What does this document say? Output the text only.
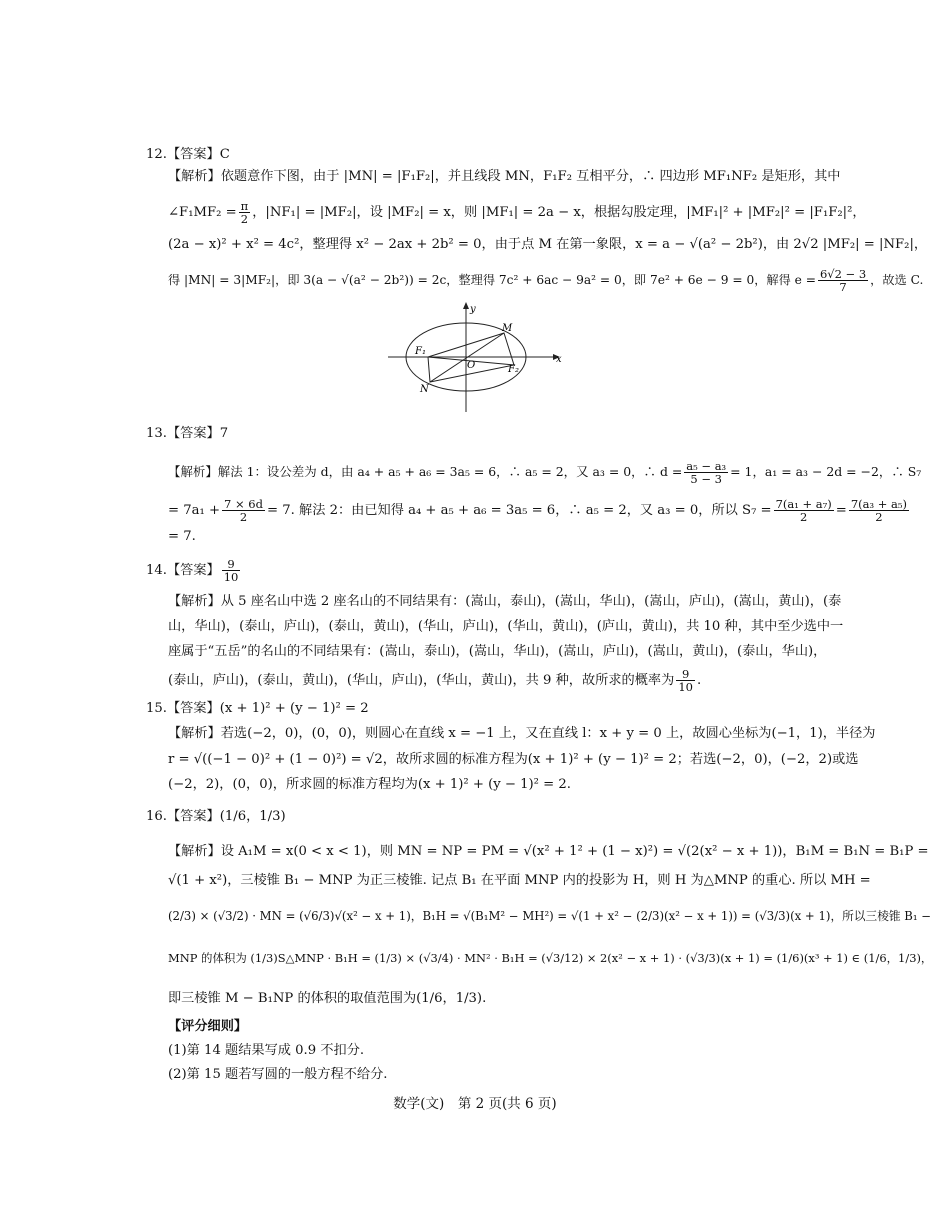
12.【答案】C
【解析】依题意作下图，由于 |MN| = |F₁F₂|，并且线段 MN，F₁F₂ 互相平分，∴ 四边形 MF₁NF₂ 是矩形，其中
∠F₁MF₂ = $\frac{\pi}{2}$ ，|NF₁| = |MF₂|，设 |MF₂| = x，则 |MF₁| = 2a − x，根据勾股定理，|MF₁|² + |MF₂|² = |F₁F₂|²，
(2a − x)² + x² = 4c²，整理得 x² − 2ax + 2b² = 0，由于点 M 在第一象限，x = a − √(a² − 2b²)，由 2√2 |MF₂| = |NF₂|，
得 |MN| = 3|MF₂|，即 3(a − √(a² − 2b²)) = 2c，整理得 7c² + 6ac − 9a² = 0，即 7e² + 6e − 9 = 0，解得 $e = \frac{6√2 - 3}{7}$ ，故选 C.
y
x
M
F₁
F₂
O
N
13.【答案】7
【解析】解法 1：设公差为 d，由 a₄ + a₅ + a₆ = 3a₅ = 6，∴ a₅ = 2，又 a₃ = 0，∴ $d = \frac{\text{a₅ − a₃}}{5 - 3} = 1$，a₁ = a₃ − 2d = −2，∴ S₇
= $7a_1 + \frac{7 \times 6d}{2} = 7$. 解法 2：由已知得 a₄ + a₅ + a₆ = 3a₅ = 6，∴ a₅ = 2，又 a₃ = 0，所以 $S_7 = \frac{\text{7(a₁ + a₇)}}{2} = \frac{\text{7(a₃ + a₅)}}{2}$
= 7.
14.【答案】 $\frac{9}{10}$
【解析】从 5 座名山中选 2 座名山的不同结果有：(嵩山，泰山)，(嵩山，华山)，(嵩山，庐山)，(嵩山，黄山)，(泰
山，华山)，(泰山，庐山)，(泰山，黄山)，(华山，庐山)，(华山，黄山)，(庐山，黄山)，共 10 种，其中至少选中一
座属于“五岳”的名山的不同结果有：(嵩山，泰山)，(嵩山，华山)，(嵩山，庐山)，(嵩山，黄山)，(泰山，华山)，
(泰山，庐山)，(泰山，黄山)，(华山，庐山)，(华山，黄山)，共 9 种，故所求的概率为 $\frac{9}{10}$ .
15.【答案】(x + 1)² + (y − 1)² = 2
【解析】若选(−2，0)，(0，0)，则圆心在直线 x = −1 上，又在直线 l：x + y = 0 上，故圆心坐标为(−1，1)，半径为
r = √((−1 − 0)² + (1 − 0)²) = √2，故所求圆的标准方程为(x + 1)² + (y − 1)² = 2；若选(−2，0)，(−2，2)或选
(−2，2)，(0，0)，所求圆的标准方程均为(x + 1)² + (y − 1)² = 2.
16.【答案】(1/6，1/3)
【解析】设 A₁M = x(0 < x < 1)，则 MN = NP = PM = √(x² + 1² + (1 − x)²) = √(2(x² − x + 1))，B₁M = B₁N = B₁P =
√(1 + x²)，三棱锥 B₁ − MNP 为正三棱锥. 记点 B₁ 在平面 MNP 内的投影为 H，则 H 为△MNP 的重心. 所以 MH =
(2/3) × (√3/2) · MN = (√6/3)√(x² − x + 1)，B₁H = √(B₁M² − MH²) = √(1 + x² − (2/3)(x² − x + 1)) = (√3/3)(x + 1)，所以三棱锥 B₁ −
MNP 的体积为 (1/3)S△MNP · B₁H = (1/3) × (√3/4) · MN² · B₁H = (√3/12) × 2(x² − x + 1) · (√3/3)(x + 1) = (1/6)(x³ + 1) ∈ (1/6，1/3)，
即三棱锥 M − B₁NP 的体积的取值范围为(1/6，1/3).
【评分细则】
(1)第 14 题结果写成 0.9 不扣分.
(2)第 15 题若写圆的一般方程不给分.
数学(文)　第 2 页(共 6 页)
